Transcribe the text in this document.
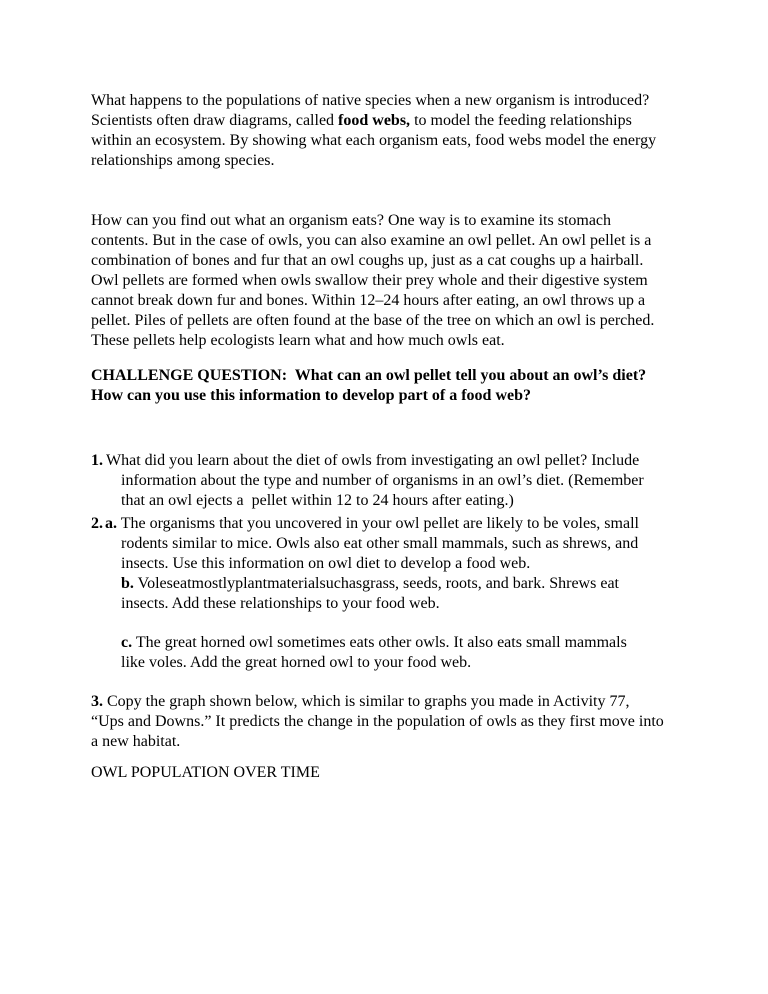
What happens to the populations of native species when a new organism is introduced?
Scientists often draw diagrams, called food webs, to model the feeding relationships
within an ecosystem. By showing what each organism eats, food webs model the energy
relationships among species.
How can you find out what an organism eats? One way is to examine its stomach
contents. But in the case of owls, you can also examine an owl pellet. An owl pellet is a
combination of bones and fur that an owl coughs up, just as a cat coughs up a hairball.
Owl pellets are formed when owls swallow their prey whole and their digestive system
cannot break down fur and bones. Within 12–24 hours after eating, an owl throws up a
pellet. Piles of pellets are often found at the base of the tree on which an owl is perched.
These pellets help ecologists learn what and how much owls eat.
CHALLENGE QUESTION:  What can an owl pellet tell you about an owl’s diet?
How can you use this information to develop part of a food web?
1. What did you learn about the diet of owls from investigating an owl pellet? Include
information about the type and number of organisms in an owl’s diet. (Remember
that an owl ejects a  pellet within 12 to 24 hours after eating.)
2. a. The organisms that you uncovered in your owl pellet are likely to be voles, small
rodents similar to mice. Owls also eat other small mammals, such as shrews, and
insects. Use this information on owl diet to develop a food web.
b. Voleseatmostlyplantmaterialsuchasgrass, seeds, roots, and bark. Shrews eat
insects. Add these relationships to your food web.
c. The great horned owl sometimes eats other owls. It also eats small mammals
like voles. Add the great horned owl to your food web.
3. Copy the graph shown below, which is similar to graphs you made in Activity 77,
“Ups and Downs.” It predicts the change in the population of owls as they first move into
a new habitat.
OWL POPULATION OVER TIME
